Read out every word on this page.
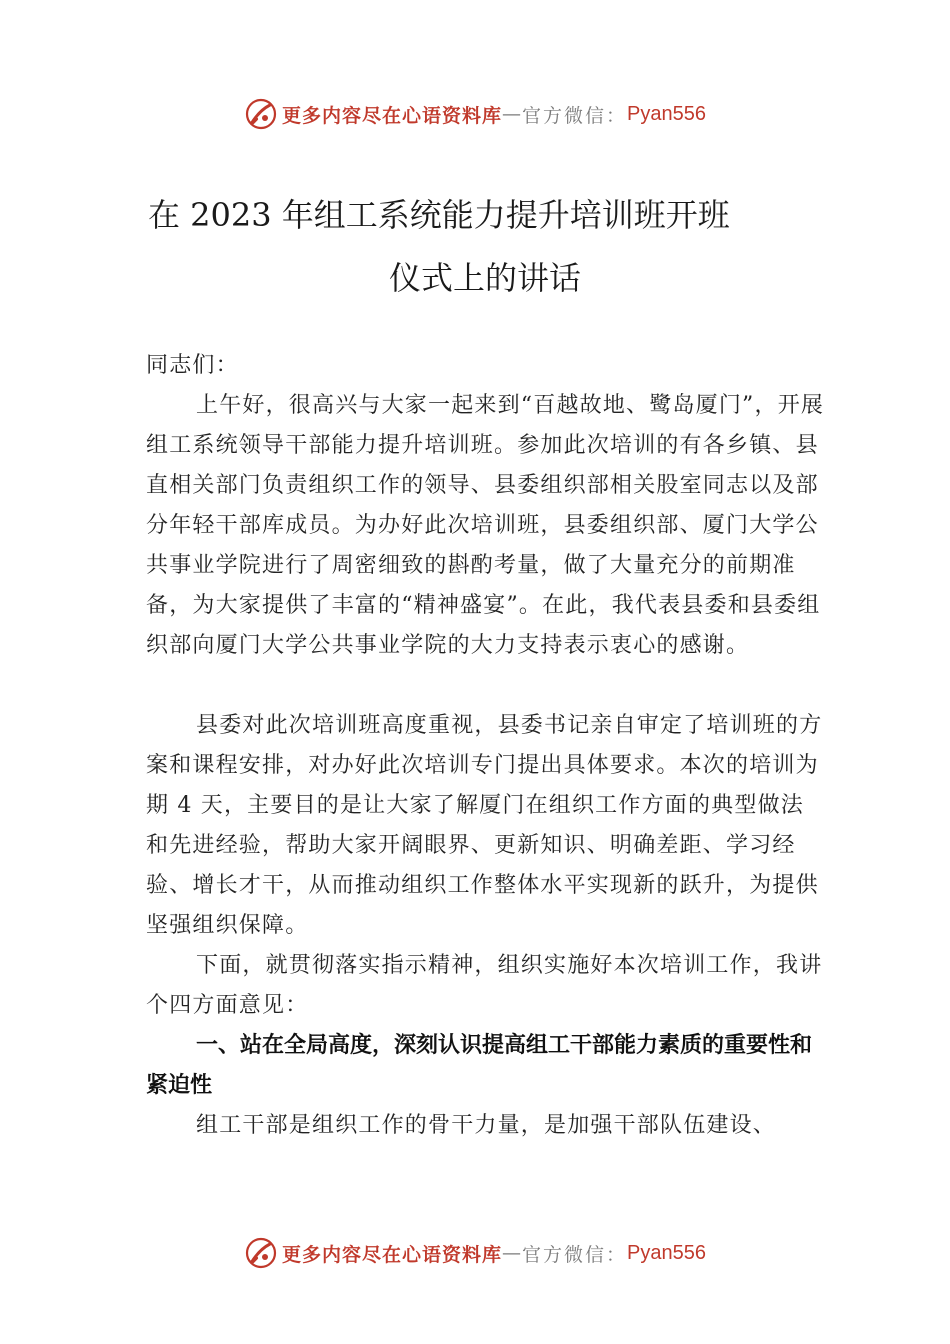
更多内容尽在心语资料库 — 官方微信： Pyan556
在 2023 年组工系统能力提升培训班开班
仪式上的讲话
同志们：

上午好，很高兴与大家一起来到“百越故地、鹭岛厦门”，开展组工系统领导干部能力提升培训班。参加此次培训的有各乡镇、县直相关部门负责组织工作的领导、县委组织部相关股室同志以及部分年轻干部库成员。为办好此次培训班，县委组织部、厦门大学公共事业学院进行了周密细致的斟酌考量，做了大量充分的前期准备，为大家提供了丰富的“精神盛宴”。在此，我代表县委和县委组织部向厦门大学公共事业学院的大力支持表示衷心的感谢。

县委对此次培训班高度重视，县委书记亲自审定了培训班的方案和课程安排，对办好此次培训专门提出具体要求。本次的培训为期 4 天，主要目的是让大家了解厦门在组织工作方面的典型做法和先进经验，帮助大家开阔眼界、更新知识、明确差距、学习经验、增长才干，从而推动组织工作整体水平实现新的跃升，为提供坚强组织保障。

下面，就贯彻落实指示精神，组织实施好本次培训工作，我讲个四方面意见：

一、站在全局高度，深刻认识提高组工干部能力素质的重要性和紧迫性

组工干部是组织工作的骨干力量，是加强干部队伍建设、

更多内容尽在心语资料库 — 官方微信： Pyan556
